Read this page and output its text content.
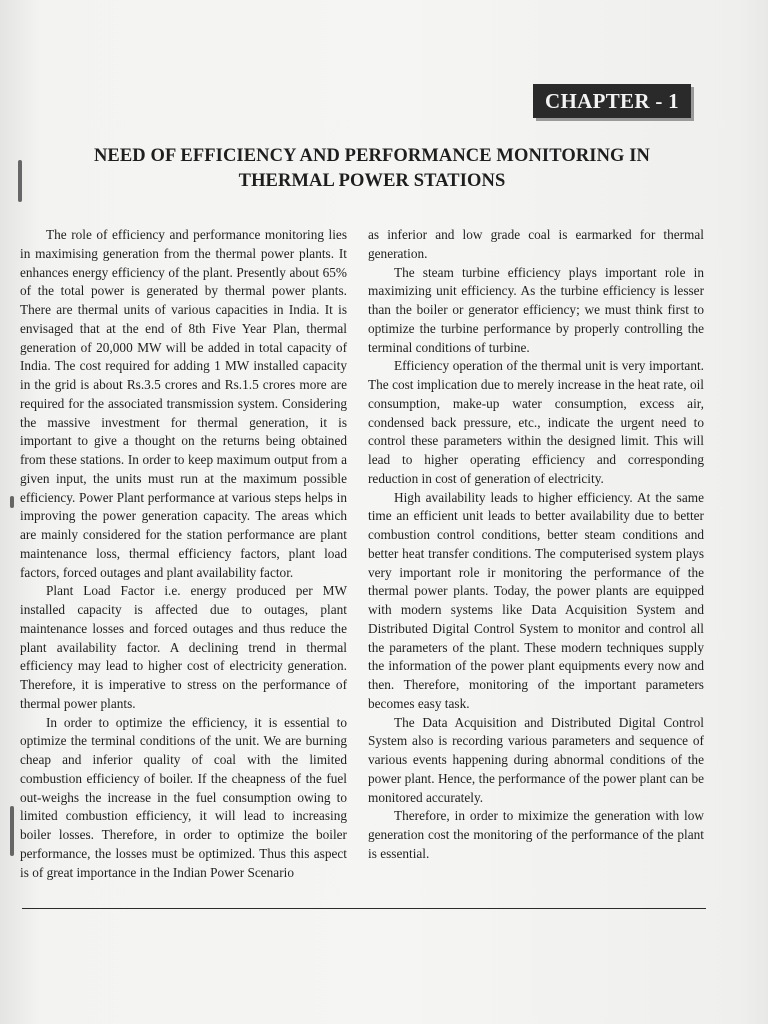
CHAPTER - 1
NEED OF EFFICIENCY AND PERFORMANCE MONITORING IN
THERMAL POWER STATIONS

The role of efficiency and performance monitoring lies in maximising generation from the thermal power plants. It enhances energy efficiency of the plant. Presently about 65% of the total power is generated by thermal power plants. There are thermal units of various capacities in India. It is envisaged that at the end of 8th Five Year Plan, thermal generation of 20,000 MW will be added in total capacity of India. The cost required for adding 1 MW installed capacity in the grid is about Rs.3.5 crores and Rs.1.5 crores more are required for the associated transmission system. Considering the massive investment for thermal generation, it is important to give a thought on the returns being obtained from these stations. In order to keep maximum output from a given input, the units must run at the maximum possible efficiency. Power Plant performance at various steps helps in improving the power generation capacity. The areas which are mainly considered for the station performance are plant maintenance loss, thermal efficiency factors, plant load factors, forced outages and plant availability factor.

Plant Load Factor i.e. energy produced per MW installed capacity is affected due to outages, plant maintenance losses and forced outages and thus reduce the plant availability factor. A declining trend in thermal efficiency may lead to higher cost of electricity generation. Therefore, it is imperative to stress on the performance of thermal power plants.

In order to optimize the efficiency, it is essential to optimize the terminal conditions of the unit. We are burning cheap and inferior quality of coal with the limited combustion efficiency of boiler. If the cheapness of the fuel out-weighs the increase in the fuel consumption owing to limited combustion efficiency, it will lead to increasing boiler losses. Therefore, in order to optimize the boiler performance, the losses must be optimized. Thus this aspect is of great importance in the Indian Power Scenario

as inferior and low grade coal is earmarked for thermal generation.

The steam turbine efficiency plays important role in maximizing unit efficiency. As the turbine efficiency is lesser than the boiler or generator efficiency; we must think first to optimize the turbine performance by properly controlling the terminal conditions of turbine.

Efficiency operation of the thermal unit is very important. The cost implication due to merely increase in the heat rate, oil consumption, make-up water consumption, excess air, condensed back pressure, etc., indicate the urgent need to control these parameters within the designed limit. This will lead to higher operating efficiency and corresponding reduction in cost of generation of electricity.

High availability leads to higher efficiency. At the same time an efficient unit leads to better availability due to better combustion control conditions, better steam conditions and better heat transfer conditions. The computerised system plays very important role ir monitoring the performance of the thermal power plants. Today, the power plants are equipped with modern systems like Data Acquisition System and Distributed Digital Control System to monitor and control all the parameters of the plant. These modern techniques supply the information of the power plant equipments every now and then. Therefore, monitoring of the important parameters becomes easy task.

The Data Acquisition and Distributed Digital Control System also is recording various parameters and sequence of various events happening during abnormal conditions of the power plant. Hence, the performance of the power plant can be monitored accurately.

Therefore, in order to miximize the generation with low generation cost the monitoring of the performance of the plant is essential.
